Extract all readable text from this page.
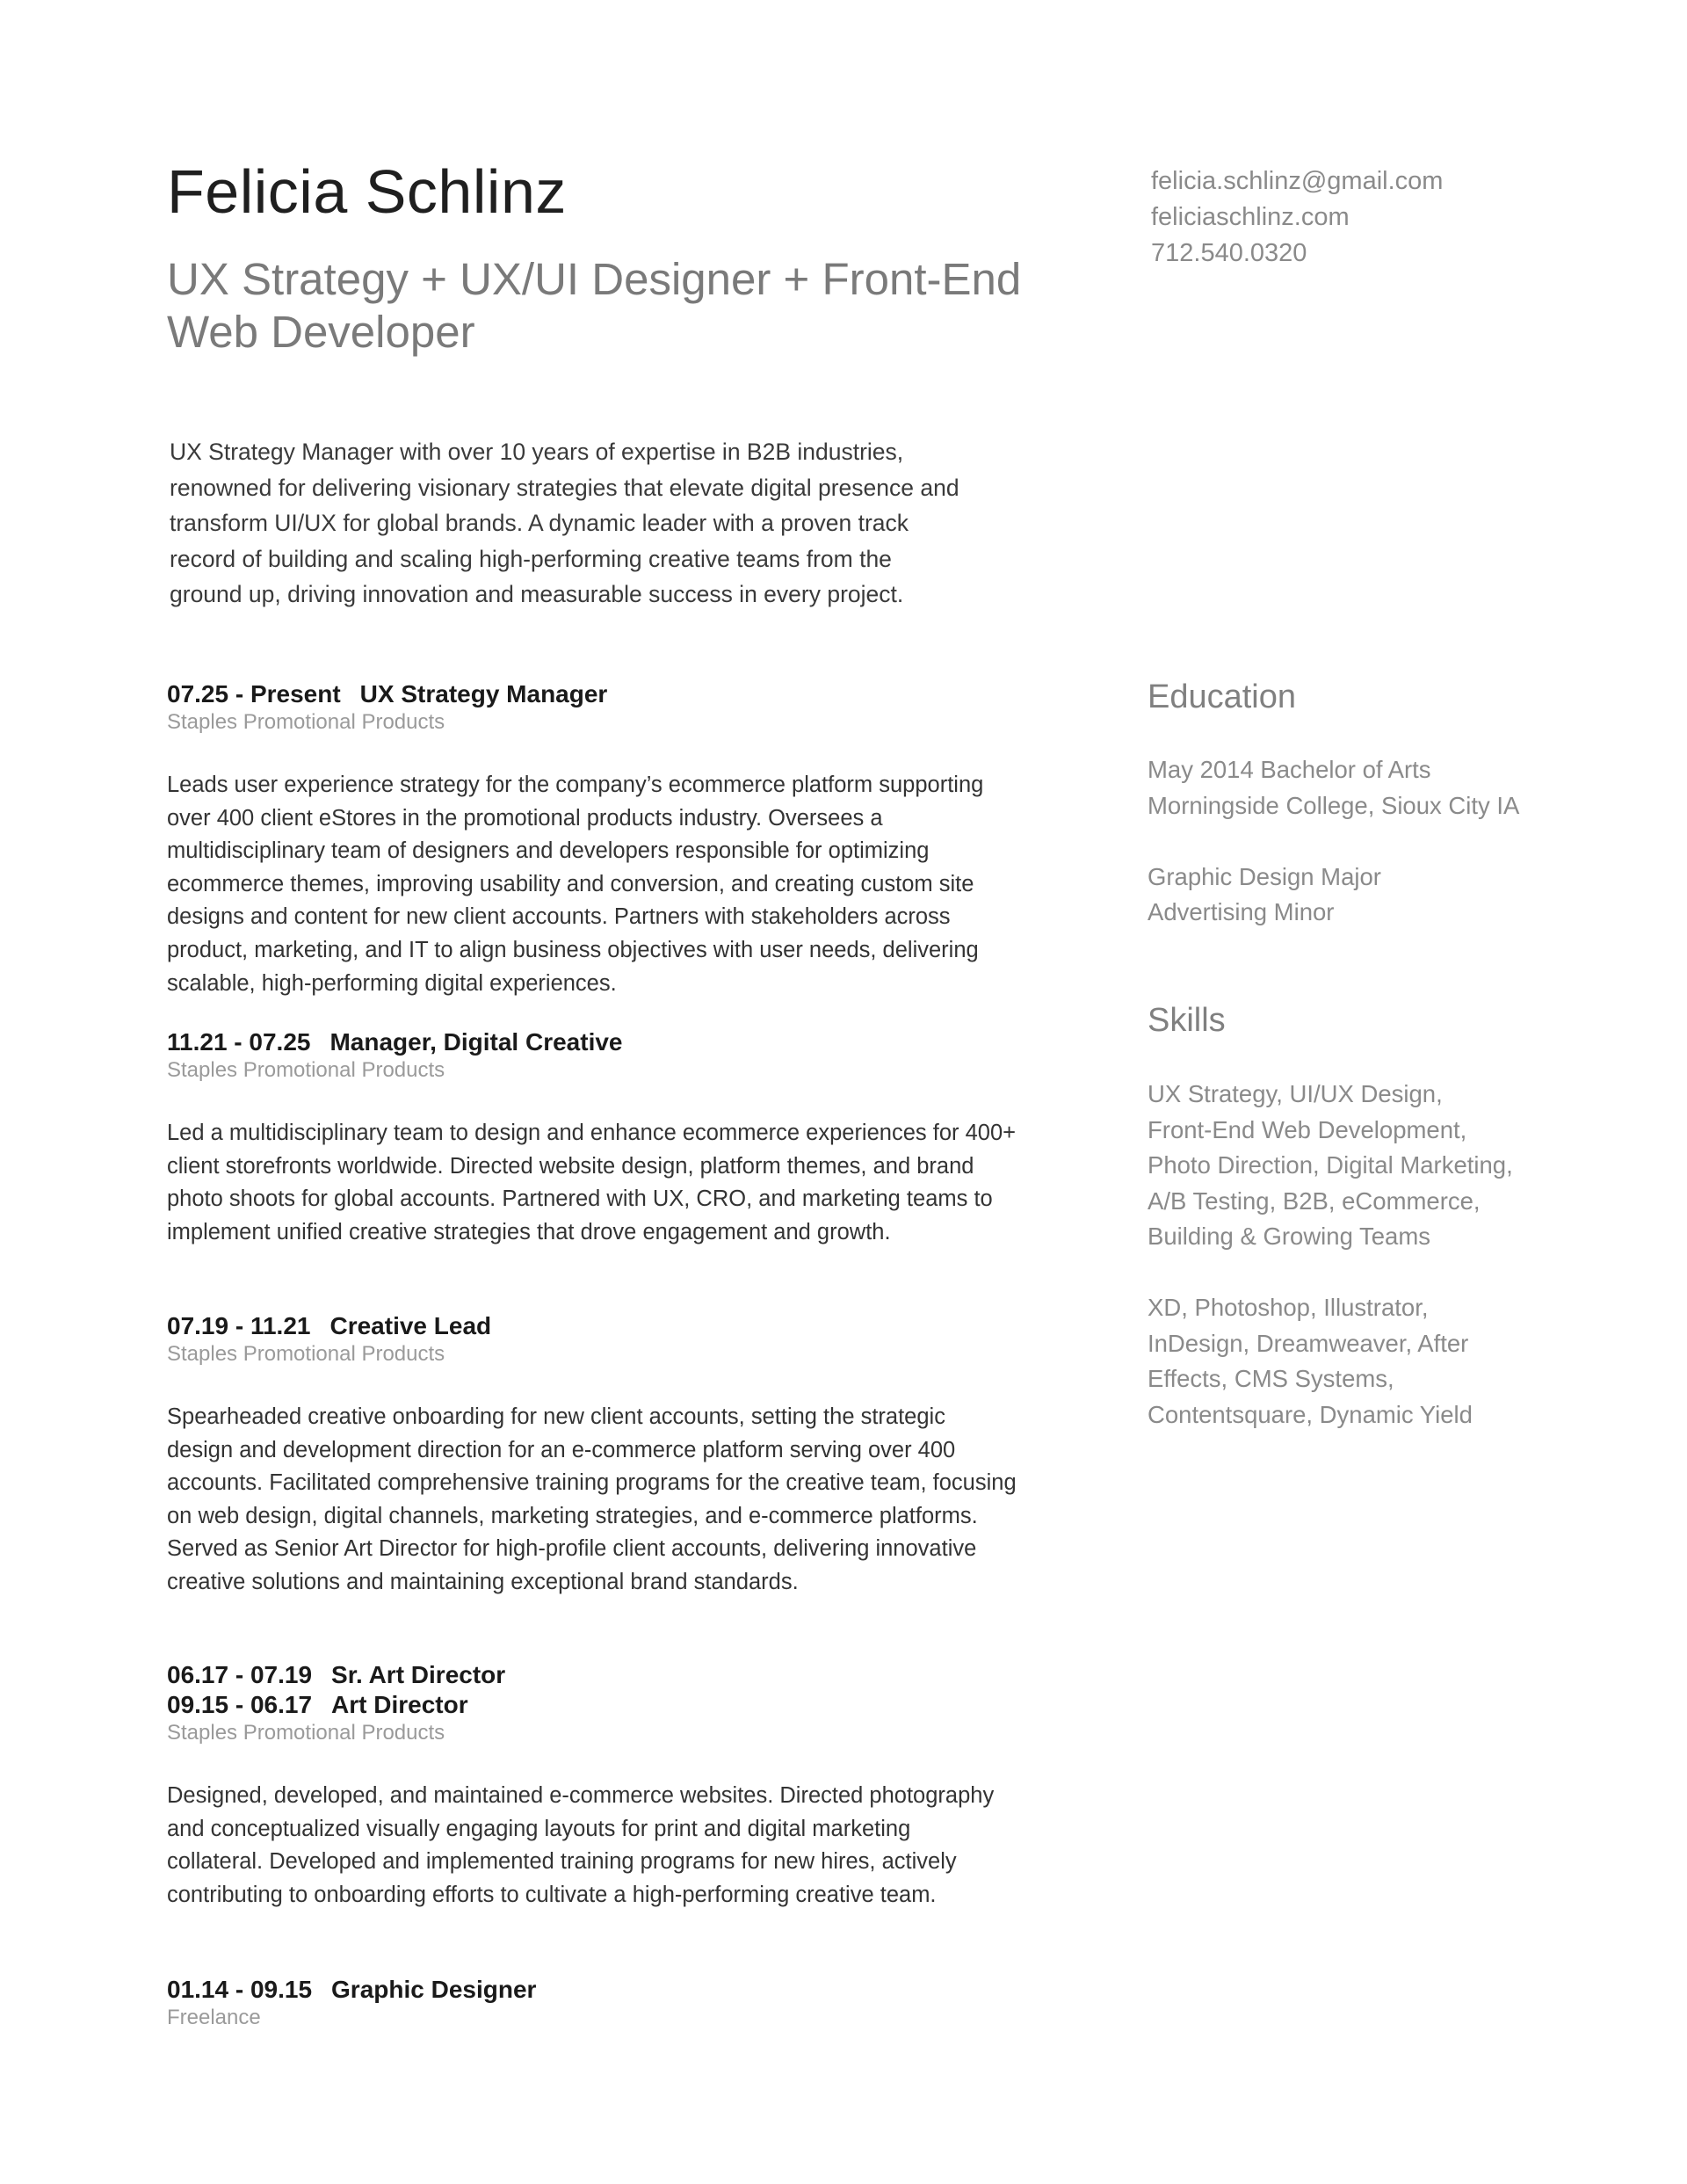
Felicia Schlinz
UX Strategy + UX/UI Designer + Front-End
Web Developer
felicia.schlinz@gmail.com
feliciaschlinz.com
712.540.0320

UX Strategy Manager with over 10 years of expertise in B2B industries,

renowned for delivering visionary strategies that elevate digital presence and

transform UI/UX for global brands. A dynamic leader with a proven track

record of building and scaling high-performing creative teams from the

ground up, driving innovation and measurable success in every project.

07.25 - Present UX Strategy Manager
Staples Promotional Products

Leads user experience strategy for the company’s ecommerce platform supporting

over 400 client eStores in the promotional products industry. Oversees a

multidisciplinary team of designers and developers responsible for optimizing

ecommerce themes, improving usability and conversion, and creating custom site

designs and content for new client accounts. Partners with stakeholders across

product, marketing, and IT to align business objectives with user needs, delivering

scalable, high-performing digital experiences.

11.21 - 07.25 Manager, Digital Creative
Staples Promotional Products

Led a multidisciplinary team to design and enhance ecommerce experiences for 400+

client storefronts worldwide. Directed website design, platform themes, and brand

photo shoots for global accounts. Partnered with UX, CRO, and marketing teams to

implement unified creative strategies that drove engagement and growth.

07.19 - 11.21 Creative Lead
Staples Promotional Products

Spearheaded creative onboarding for new client accounts, setting the strategic

design and development direction for an e-commerce platform serving over 400

accounts. Facilitated comprehensive training programs for the creative team, focusing

on web design, digital channels, marketing strategies, and e-commerce platforms.

Served as Senior Art Director for high-profile client accounts, delivering innovative

creative solutions and maintaining exceptional brand standards.

06.17 - 07.19 Sr. Art Director
09.15 - 06.17 Art Director
Staples Promotional Products

Designed, developed, and maintained e-commerce websites. Directed photography

and conceptualized visually engaging layouts for print and digital marketing

collateral. Developed and implemented training programs for new hires, actively

contributing to onboarding efforts to cultivate a high-performing creative team.

01.14 - 09.15 Graphic Designer
Freelance
Education

May 2014 Bachelor of Arts

Morningside College, Sioux City IA

Graphic Design Major

Advertising Minor

Skills

UX Strategy, UI/UX Design,

Front-End Web Development,

Photo Direction, Digital Marketing,

A/B Testing, B2B, eCommerce,

Building & Growing Teams

XD, Photoshop, Illustrator,

InDesign, Dreamweaver, After

Effects, CMS Systems,

Contentsquare, Dynamic Yield
